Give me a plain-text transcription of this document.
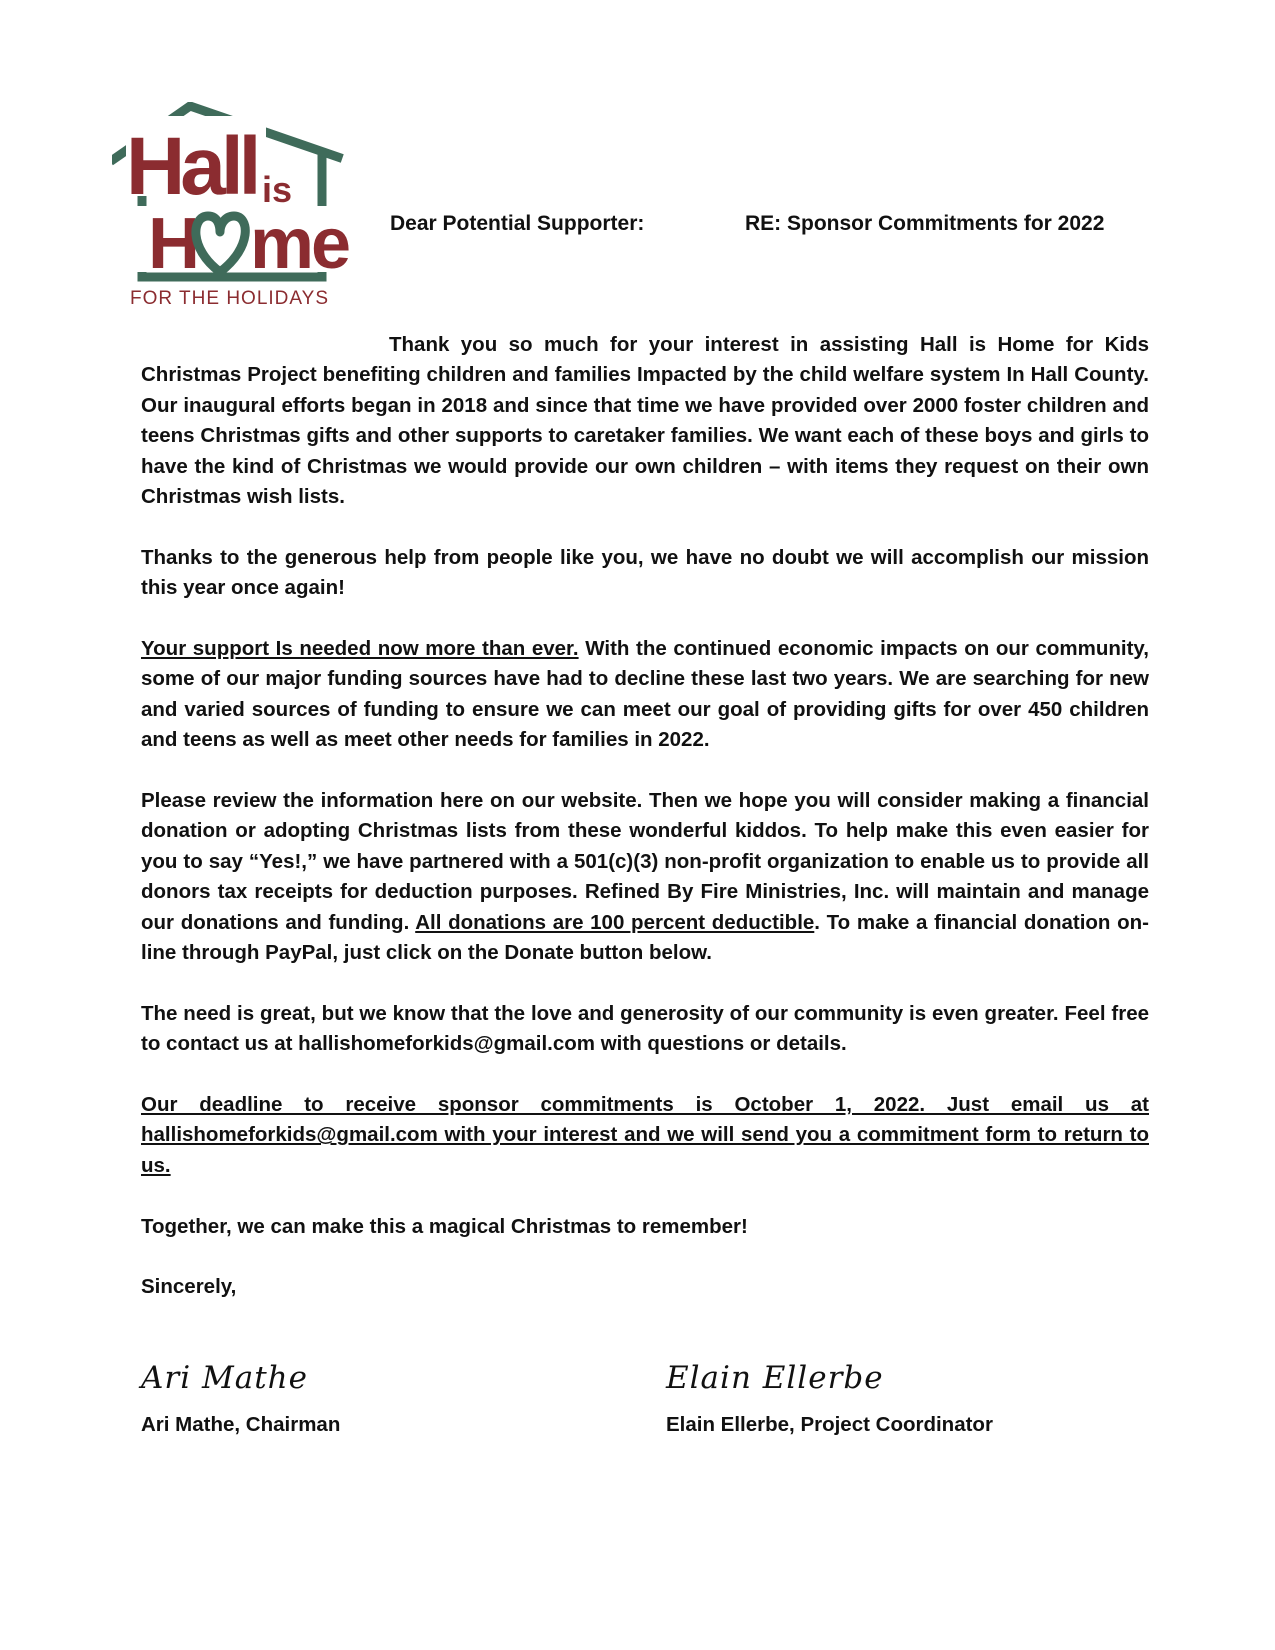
Hall is
H me
FOR THE HOLIDAYS
Dear Potential Supporter:	RE: Sponsor Commitments for 2022

Thank you so much for your interest in assisting Hall is Home for Kids Christmas Project benefiting children and families Impacted by the child welfare system In Hall County. Our inaugural efforts began in 2018 and since that time we have provided over 2000 foster children and teens Christmas gifts and other supports to caretaker families. We want each of these boys and girls to have the kind of Christmas we would provide our own children – with items they request on their own Christmas wish lists.

Thanks to the generous help from people like you, we have no doubt we will accomplish our mission this year once again!

Your support Is needed now more than ever. With the continued economic impacts on our community, some of our major funding sources have had to decline these last two years. We are searching for new and varied sources of funding to ensure we can meet our goal of providing gifts for over 450 children and teens as well as meet other needs for families in 2022.

Please review the information here on our website. Then we hope you will consider making a financial donation or adopting Christmas lists from these wonderful kiddos. To help make this even easier for you to say “Yes!,” we have partnered with a 501(c)(3) non-profit organization to enable us to provide all donors tax receipts for deduction purposes. Refined By Fire Ministries, Inc. will maintain and manage our donations and funding. All donations are 100 percent deductible. To make a financial donation on-line through PayPal, just click on the Donate button below.

The need is great, but we know that the love and generosity of our community is even greater. Feel free to contact us at hallishomeforkids@gmail.com with questions or details.

Our deadline to receive sponsor commitments is October 1, 2022. Just email us at hallishomeforkids@gmail.com with your interest and we will send you a commitment form to return to us.

Together, we can make this a magical Christmas to remember!

Sincerely,

Ari Mathe	Elain Ellerbe
Ari Mathe, Chairman	Elain Ellerbe, Project Coordinator
